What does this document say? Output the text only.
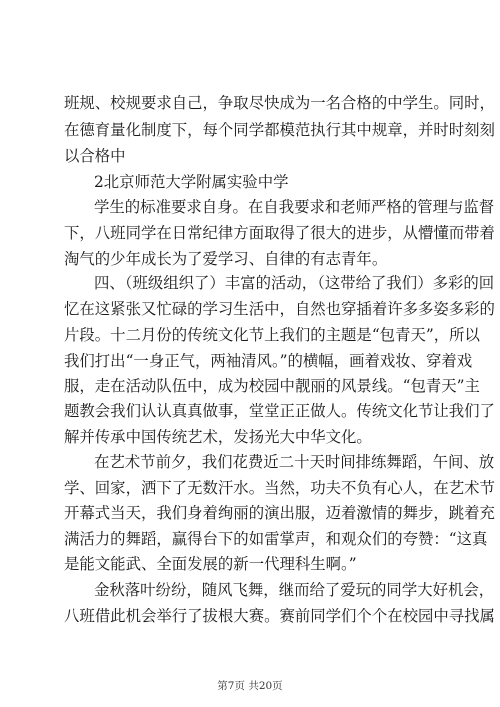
班规、校规要求自己，争取尽快成为一名合格的中学生。同时，
在德育量化制度下，每个同学都模范执行其中规章，并时时刻刻
以合格中
2北京师范大学附属实验中学
学生的标准要求自身。在自我要求和老师严格的管理与监督
下，八班同学在日常纪律方面取得了很大的进步，从懵懂而带着
淘气的少年成长为了爱学习、自律的有志青年。
四、（班级组织了）丰富的活动，（这带给了我们）多彩的回
忆在这紧张又忙碌的学习生活中，自然也穿插着许多多姿多彩的
片段。十二月份的传统文化节上我们的主题是“包青天”，所以
我们打出“一身正气，两袖清风。”的横幅，画着戏妆、穿着戏
服，走在活动队伍中，成为校园中靓丽的风景线。“包青天”主
题教会我们认认真真做事，堂堂正正做人。传统文化节让我们了
解并传承中国传统艺术，发扬光大中华文化。
在艺术节前夕，我们花费近二十天时间排练舞蹈，午间、放
学、回家，洒下了无数汗水。当然，功夫不负有心人，在艺术节
开幕式当天，我们身着绚丽的演出服，迈着激情的舞步，跳着充
满活力的舞蹈，赢得台下的如雷掌声，和观众们的夸赞：“这真
是能文能武、全面发展的新一代理科生啊。”
金秋落叶纷纷，随风飞舞，继而给了爱玩的同学大好机会，
八班借此机会举行了拔根大赛。赛前同学们个个在校园中寻找属
第7页 共20页
